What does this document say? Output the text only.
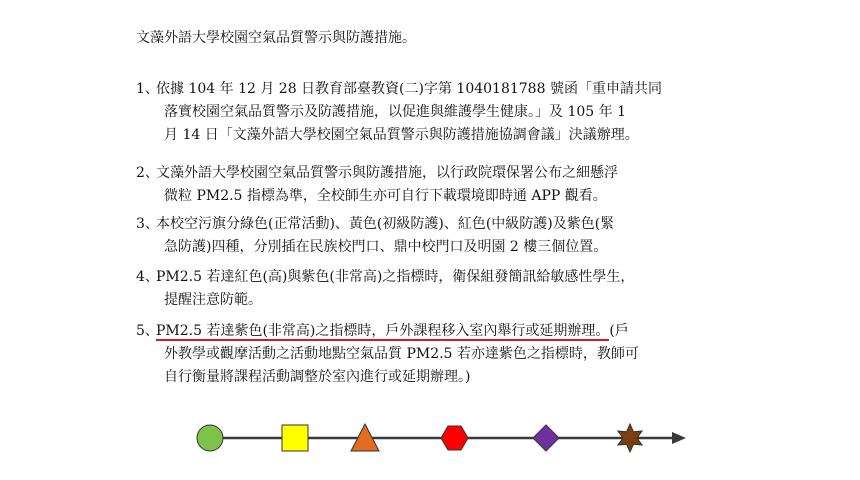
文藻外語大學校園空氣品質警示與防護措施。
1、
依據 104 年 12 月 28 日教育部臺教資(二)字第 1040181788 號函「重申請共同
落實校園空氣品質警示及防護措施，以促進與維護學生健康。」及 105 年 1
月 14 日「文藻外語大學校園空氣品質警示與防護措施協調會議」決議辦理。
2、
文藻外語大學校園空氣品質警示與防護措施，以行政院環保署公布之細懸浮
微粒 PM2.5 指標為準，全校師生亦可自行下載環境即時通 APP 觀看。
3、
本校空污旗分綠色(正常活動)、黃色(初級防護)、紅色(中級防護)及紫色(緊
急防護)四種，分別插在民族校門口、鼎中校門口及明園 2 樓三個位置。
4、
PM2.5 若達紅色(高)與紫色(非常高)之指標時，衛保組發簡訊給敏感性學生，
提醒注意防範。
5、
PM2.5 若達紫色(非常高)之指標時，戶外課程移入室內舉行或延期辦理。(戶
外教學或觀摩活動之活動地點空氣品質 PM2.5 若亦達紫色之指標時，教師可
自行衡量將課程活動調整於室內進行或延期辦理。)
